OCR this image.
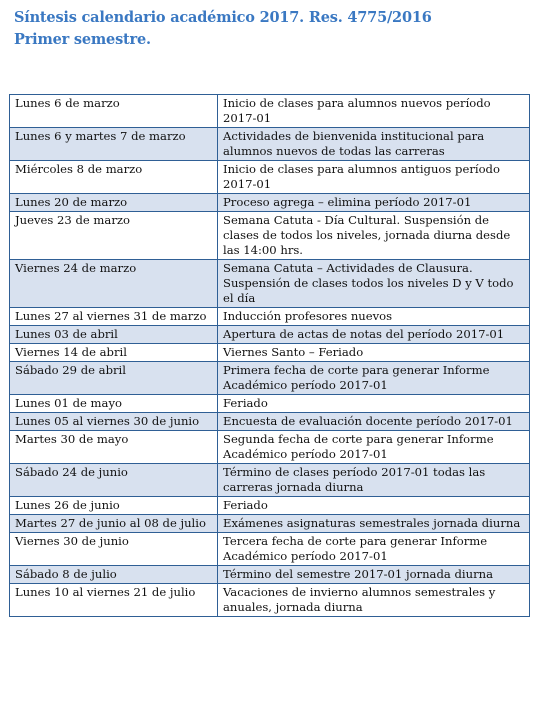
Síntesis calendario académico 2017. Res. 4775/2016
Primer semestre.
Lunes 6 de marzo	Inicio de clases para alumnos nuevos período 2017-01
Lunes 6 y martes 7 de marzo	Actividades de bienvenida institucional para alumnos nuevos de todas las carreras
Miércoles 8 de marzo	Inicio de clases para alumnos antiguos período 2017-01
Lunes 20 de marzo	Proceso agrega – elimina período 2017-01
Jueves 23 de marzo	Semana Catuta - Día Cultural. Suspensión de clases de todos los niveles, jornada diurna desde las 14:00 hrs.
Viernes 24 de marzo	Semana Catuta – Actividades de Clausura. Suspensión de clases todos los niveles D y V todo el día
Lunes 27 al viernes 31 de marzo	Inducción profesores nuevos
Lunes 03 de abril	Apertura de actas de notas del período 2017-01
Viernes 14 de abril	Viernes Santo – Feriado
Sábado 29 de abril	Primera fecha de corte para generar Informe Académico período 2017-01
Lunes 01 de mayo	Feriado
Lunes 05 al viernes 30 de junio	Encuesta de evaluación docente período 2017-01
Martes 30 de mayo	Segunda fecha de corte para generar Informe Académico período 2017-01
Sábado 24 de junio	Término de clases período 2017-01 todas las carreras jornada diurna
Lunes 26 de junio	Feriado
Martes 27 de junio al 08 de julio	Exámenes asignaturas semestrales jornada diurna
Viernes 30 de junio	Tercera fecha de corte para generar Informe Académico período 2017-01
Sábado 8 de julio	Término del semestre 2017-01 jornada diurna
Lunes 10 al viernes 21 de julio	Vacaciones de invierno alumnos semestrales y anuales, jornada diurna
